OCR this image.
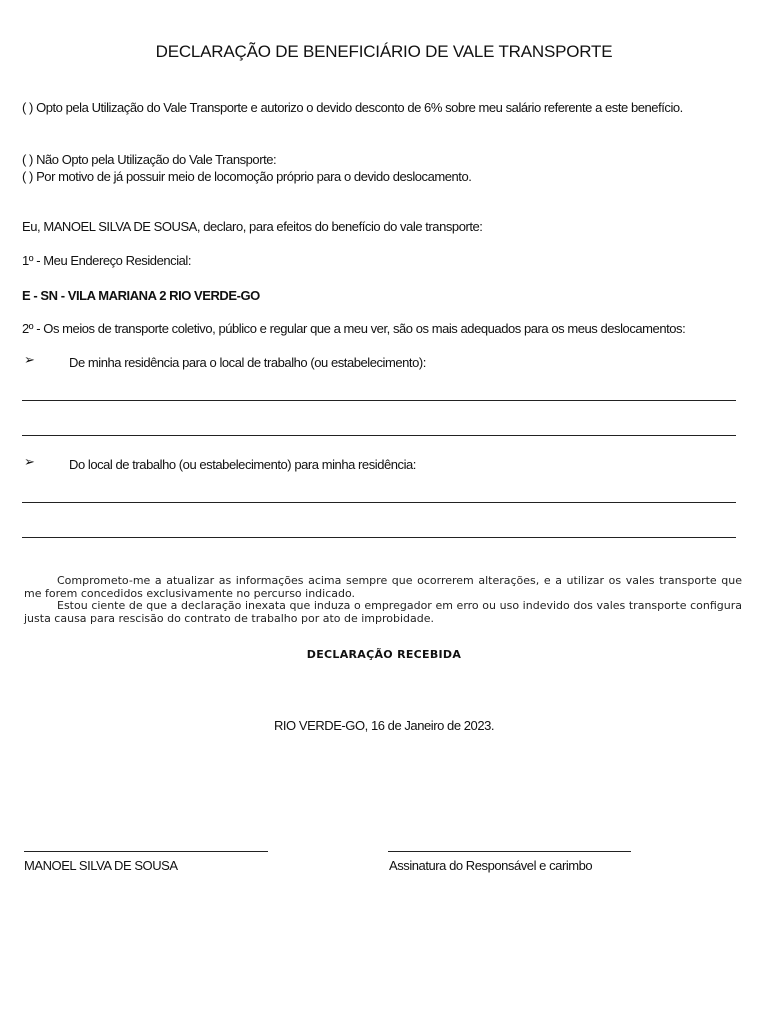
DECLARAÇÃO DE BENEFICIÁRIO DE VALE TRANSPORTE
( ) Opto pela Utilização do Vale Transporte e autorizo o devido desconto de 6% sobre meu salário referente a este benefício.
( ) Não Opto pela Utilização do Vale Transporte:
( ) Por motivo de já possuir meio de locomoção próprio para o devido deslocamento.
Eu, MANOEL SILVA DE SOUSA, declaro, para efeitos do benefício do vale transporte:
1º - Meu Endereço Residencial:
E - SN - VILA MARIANA 2 RIO VERDE-GO
2º - Os meios de transporte coletivo, público e regular que a meu ver, são os mais adequados para os meus deslocamentos:
➢	De minha residência para o local de trabalho (ou estabelecimento):
➢	Do local de trabalho (ou estabelecimento) para minha residência:

Comprometo-me a atualizar as informações acima sempre que ocorrerem alterações, e a utilizar os vales transporte que me forem concedidos exclusivamente no percurso indicado.

Estou ciente de que a declaração inexata que induza o empregador em erro ou uso indevido dos vales transporte configura justa causa para rescisão do contrato de trabalho por ato de improbidade.

DECLARAÇÃO RECEBIDA
RIO VERDE-GO, 16 de Janeiro de 2023.
MANOEL SILVA DE SOUSA	Assinatura do Responsável e carimbo
